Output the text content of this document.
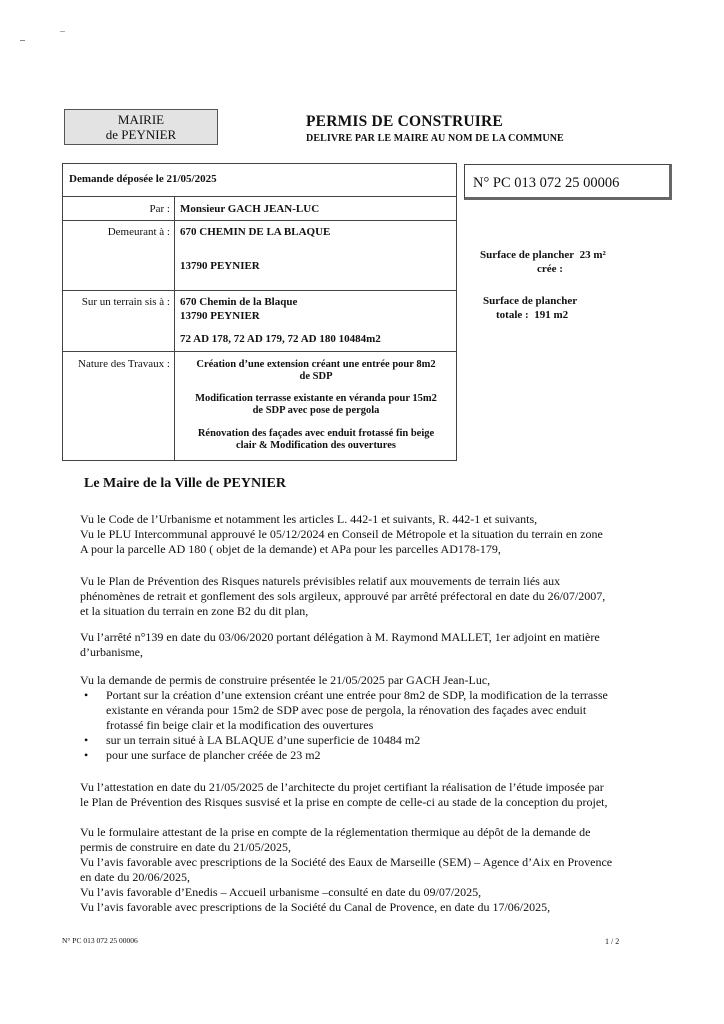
MAIRIE
de PEYNIER
PERMIS DE CONSTRUIRE
DELIVRE PAR LE MAIRE AU NOM DE LA COMMUNE
Demande déposée le 21/05/2025
Par : Monsieur GACH JEAN-LUC
Demeurant à : 670 CHEMIN DE LA BLAQUE
13790 PEYNIER
Sur un terrain sis à : 670 Chemin de la Blaque
13790 PEYNIER
72 AD 178, 72 AD 179, 72 AD 180 10484m2
Nature des Travaux :	Création d’une extension créant une entrée pour 8m2
de SDP
Modification terrasse existante en véranda pour 15m2
de SDP avec pose de pergola
Rénovation des façades avec enduit frotassé fin beige
clair & Modification des ouvertures
N° PC 013 072 25 00006
Surface de plancher 23 m²
crée :
Surface de plancher
totale : 191 m2
Le Maire de la Ville de PEYNIER
Vu le Code de l’Urbanisme et notamment les articles L. 442-1 et suivants, R. 442-1 et suivants,
Vu le PLU Intercommunal approuvé le 05/12/2024 en Conseil de Métropole et la situation du terrain en zone
A pour la parcelle AD 180 ( objet de la demande) et APa pour les parcelles AD178-179,
Vu le Plan de Prévention des Risques naturels prévisibles relatif aux mouvements de terrain liés aux
phénomènes de retrait et gonflement des sols argileux, approuvé par arrêté préfectoral en date du 26/07/2007,
et la situation du terrain en zone B2 du dit plan,
Vu l’arrêté n°139 en date du 03/06/2020 portant délégation à M. Raymond MALLET, 1er adjoint en matière
d’urbanisme,
Vu la demande de permis de construire présentée le 21/05/2025 par GACH Jean-Luc,
• Portant sur la création d’une extension créant une entrée pour 8m2 de SDP, la modification de la terrasse
existante en véranda pour 15m2 de SDP avec pose de pergola, la rénovation des façades avec enduit
frotassé fin beige clair et la modification des ouvertures
• sur un terrain situé à LA BLAQUE d’une superficie de 10484 m2
• pour une surface de plancher créée de 23 m2
Vu l’attestation en date du 21/05/2025 de l’architecte du projet certifiant la réalisation de l’étude imposée par
le Plan de Prévention des Risques susvisé et la prise en compte de celle-ci au stade de la conception du projet,
Vu le formulaire attestant de la prise en compte de la réglementation thermique au dépôt de la demande de
permis de construire en date du 21/05/2025,
Vu l’avis favorable avec prescriptions de la Société des Eaux de Marseille (SEM) – Agence d’Aix en Provence
en date du 20/06/2025,
Vu l’avis favorable d’Enedis – Accueil urbanisme –consulté en date du 09/07/2025,
Vu l’avis favorable avec prescriptions de la Société du Canal de Provence, en date du 17/06/2025,
N° PC 013 072 25 00006	1 / 2
